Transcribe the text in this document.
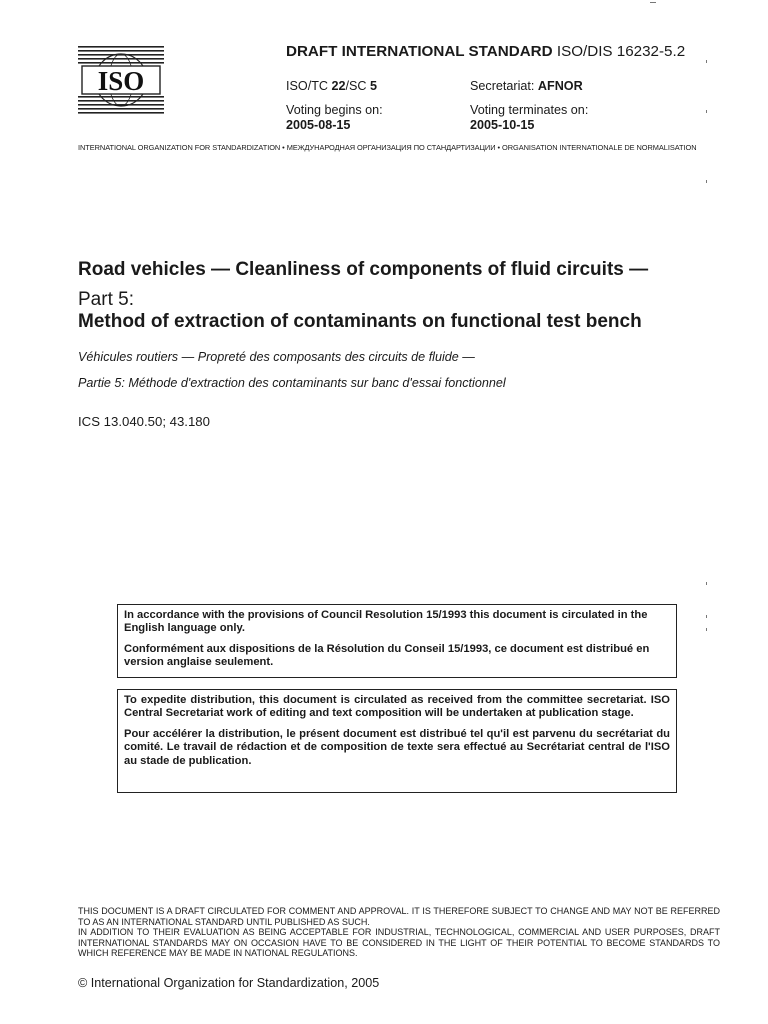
ISO
DRAFT INTERNATIONAL STANDARD ISO/DIS 16232-5.2
ISO/TC 22/SC 5	Secretariat: AFNOR
Voting begins on:
2005-08-15
Voting terminates on:
2005-10-15
INTERNATIONAL ORGANIZATION FOR STANDARDIZATION • МЕЖДУНАРОДНАЯ ОРГАНИЗАЦИЯ ПО СТАНДАРТИЗАЦИИ • ORGANISATION INTERNATIONALE DE NORMALISATION
Road vehicles — Cleanliness of components of fluid circuits —
Part 5:
Method of extraction of contaminants on functional test bench
Véhicules routiers — Propreté des composants des circuits de fluide —
Partie 5: Méthode d'extraction des contaminants sur banc d'essai fonctionnel
ICS 13.040.50; 43.180

In accordance with the provisions of Council Resolution 15/1993 this document is circulated in the English language only.

Conformément aux dispositions de la Résolution du Conseil 15/1993, ce document est distribué en version anglaise seulement.

To expedite distribution, this document is circulated as received from the committee secretariat. ISO Central Secretariat work of editing and text composition will be undertaken at publication stage.

Pour accélérer la distribution, le présent document est distribué tel qu'il est parvenu du secrétariat du comité. Le travail de rédaction et de composition de texte sera effectué au Secrétariat central de l'ISO au stade de publication.

THIS DOCUMENT IS A DRAFT CIRCULATED FOR COMMENT AND APPROVAL. IT IS THEREFORE SUBJECT TO CHANGE AND MAY NOT BE REFERRED TO AS AN INTERNATIONAL STANDARD UNTIL PUBLISHED AS SUCH.

IN ADDITION TO THEIR EVALUATION AS BEING ACCEPTABLE FOR INDUSTRIAL, TECHNOLOGICAL, COMMERCIAL AND USER PURPOSES, DRAFT INTERNATIONAL STANDARDS MAY ON OCCASION HAVE TO BE CONSIDERED IN THE LIGHT OF THEIR POTENTIAL TO BECOME STANDARDS TO WHICH REFERENCE MAY BE MADE IN NATIONAL REGULATIONS.

© International Organization for Standardization, 2005
